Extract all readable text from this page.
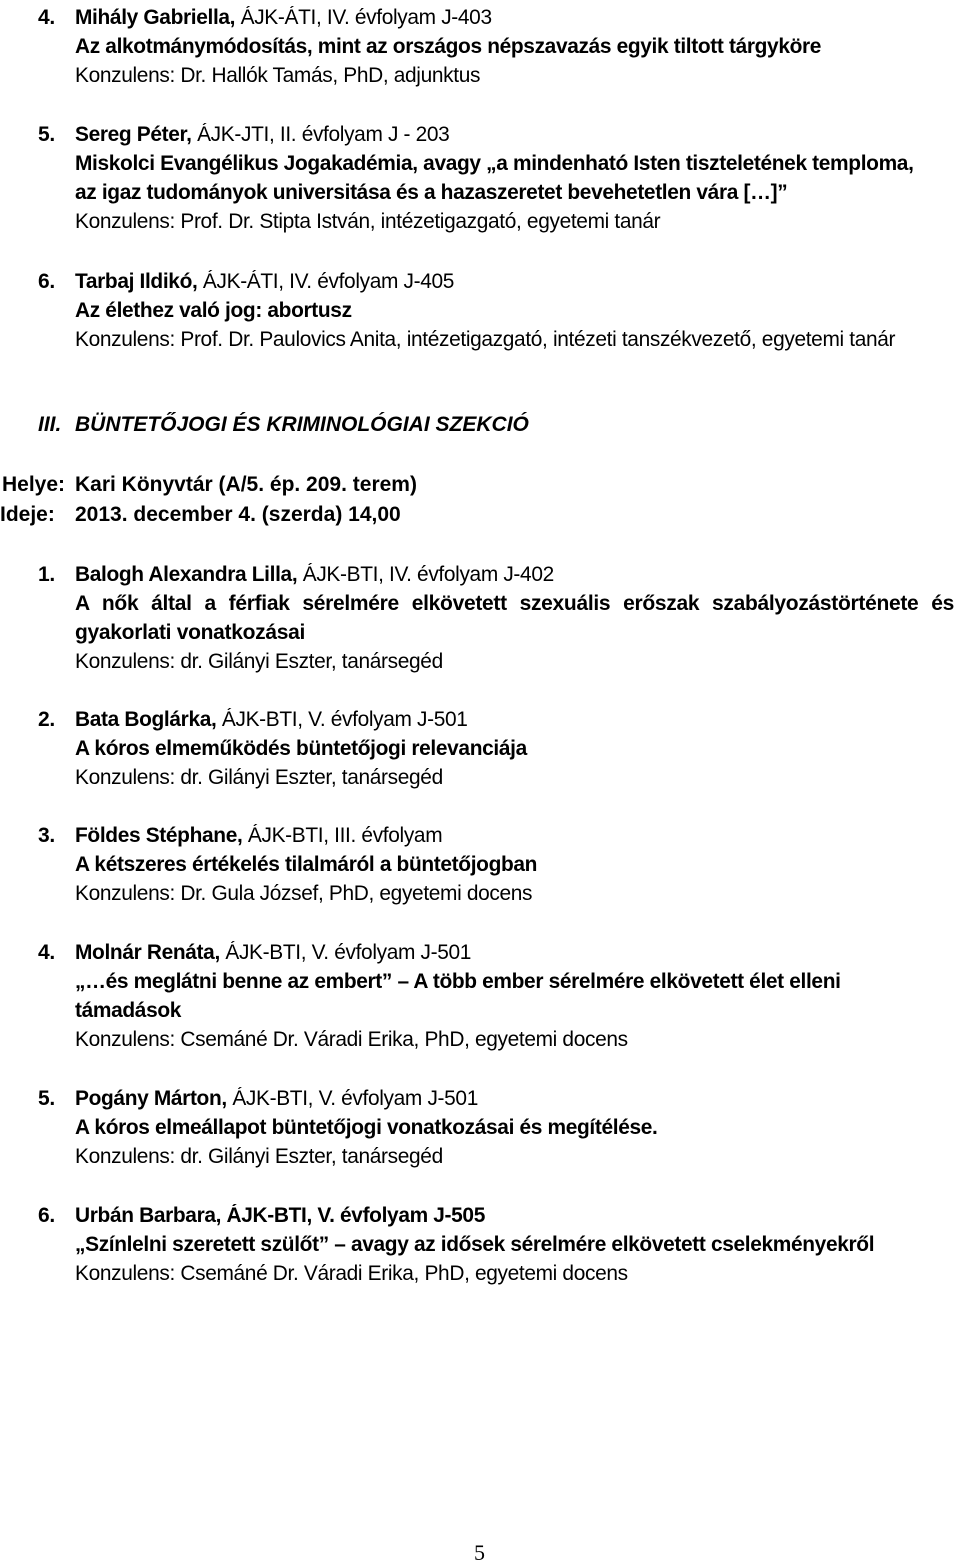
4. Mihály Gabriella, ÁJK-ÁTI, IV. évfolyam J-403
Az alkotmánymódosítás, mint az országos népszavazás egyik tiltott tárgyköre
Konzulens: Dr. Hallók Tamás, PhD, adjunktus
5. Sereg Péter, ÁJK-JTI, II. évfolyam J - 203
Miskolci Evangélikus Jogakadémia, avagy „a mindenható Isten tiszteletének temploma,
az igaz tudományok universitása és a hazaszeretet bevehetetlen vára […]”
Konzulens: Prof. Dr. Stipta István, intézetigazgató, egyetemi tanár
6. Tarbaj Ildikó, ÁJK-ÁTI, IV. évfolyam J-405
Az élethez való jog: abortusz
Konzulens: Prof. Dr. Paulovics Anita, intézetigazgató, intézeti tanszékvezető, egyetemi tanár
III. BÜNTETŐJOGI ÉS KRIMINOLÓGIAI SZEKCIÓ
Helye: Kari Könyvtár (A/5. ép. 209. terem)
Ideje: 2013. december 4. (szerda) 14,00
1. Balogh Alexandra Lilla, ÁJK-BTI, IV. évfolyam J-402
A nők által a férfiak sérelmére elkövetett szexuális erőszak szabályozástörténete és gyakorlati vonatkozásai
Konzulens: dr. Gilányi Eszter, tanársegéd
2. Bata Boglárka, ÁJK-BTI, V. évfolyam J-501
A kóros elmeműködés büntetőjogi relevanciája
Konzulens: dr. Gilányi Eszter, tanársegéd
3. Földes Stéphane, ÁJK-BTI, III. évfolyam
A kétszeres értékelés tilalmáról a büntetőjogban
Konzulens: Dr. Gula József, PhD, egyetemi docens
4. Molnár Renáta, ÁJK-BTI, V. évfolyam J-501
„…és meglátni benne az embert” – A több ember sérelmére elkövetett élet elleni
támadások
Konzulens: Csemáné Dr. Váradi Erika, PhD, egyetemi docens
5. Pogány Márton, ÁJK-BTI, V. évfolyam J-501
A kóros elmeállapot büntetőjogi vonatkozásai és megítélése.
Konzulens: dr. Gilányi Eszter, tanársegéd
6. Urbán Barbara, ÁJK-BTI, V. évfolyam J-505
„Színlelni szeretett szülőt” – avagy az idősek sérelmére elkövetett cselekményekről
Konzulens: Csemáné Dr. Váradi Erika, PhD, egyetemi docens
5
